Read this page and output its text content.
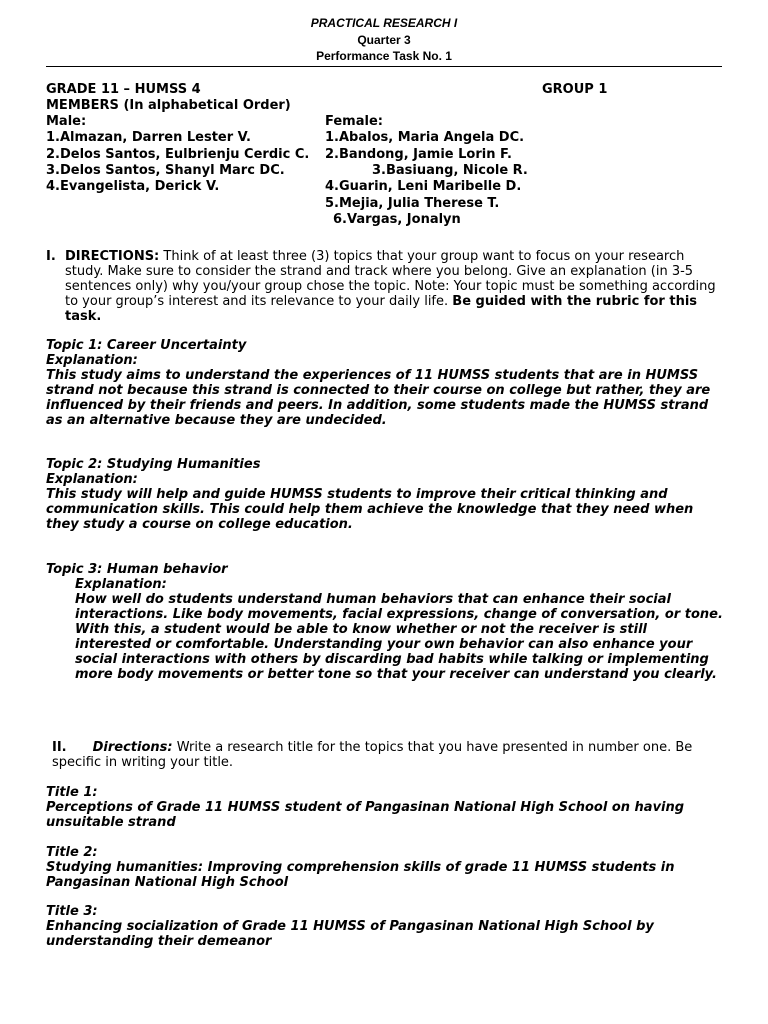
PRACTICAL RESEARCH I
Quarter 3
Performance Task No. 1
GRADE 11 – HUMSS 4	GROUP 1
MEMBERS (In alphabetical Order)
Male:
1.Almazan, Darren Lester V.
2.Delos Santos, Eulbrienju Cerdic C.
3.Delos Santos, Shanyl Marc DC.
4.Evangelista, Derick V.
Female:
1.Abalos, Maria Angela DC.
2.Bandong, Jamie Lorin F.
3.Basiuang, Nicole R.
4.Guarin, Leni Maribelle D.
5.Mejia, Julia Therese T.
6.Vargas, Jonalyn
I. DIRECTIONS: Think of at least three (3) topics that your group want to focus on your research study. Make sure to consider the strand and track where you belong. Give an explanation (in 3-5 sentences only) why you/your group chose the topic. Note: Your topic must be something according to your group’s interest and its relevance to your daily life. Be guided with the rubric for this task.
Topic 1: Career Uncertainty
Explanation:
This study aims to understand the experiences of 11 HUMSS students that are in HUMSS strand not because this strand is connected to their course on college but rather, they are influenced by their friends and peers. In addition, some students made the HUMSS strand as an alternative because they are undecided.
Topic 2: Studying Humanities
Explanation:
This study will help and guide HUMSS students to improve their critical thinking and communication skills. This could help them achieve the knowledge that they need when they study a course on college education.
Topic 3: Human behavior
Explanation:
How well do students understand human behaviors that can enhance their social interactions. Like body movements, facial expressions, change of conversation, or tone. With this, a student would be able to know whether or not the receiver is still interested or comfortable. Understanding your own behavior can also enhance your social interactions with others by discarding bad habits while talking or implementing more body movements or better tone so that your receiver can understand you clearly.
II. Directions: Write a research title for the topics that you have presented in number one. Be specific in writing your title.
Title 1:
Perceptions of Grade 11 HUMSS student of Pangasinan National High School on having unsuitable strand
Title 2:
Studying humanities: Improving comprehension skills of grade 11 HUMSS students in Pangasinan National High School
Title 3:
Enhancing socialization of Grade 11 HUMSS of Pangasinan National High School by understanding their demeanor
